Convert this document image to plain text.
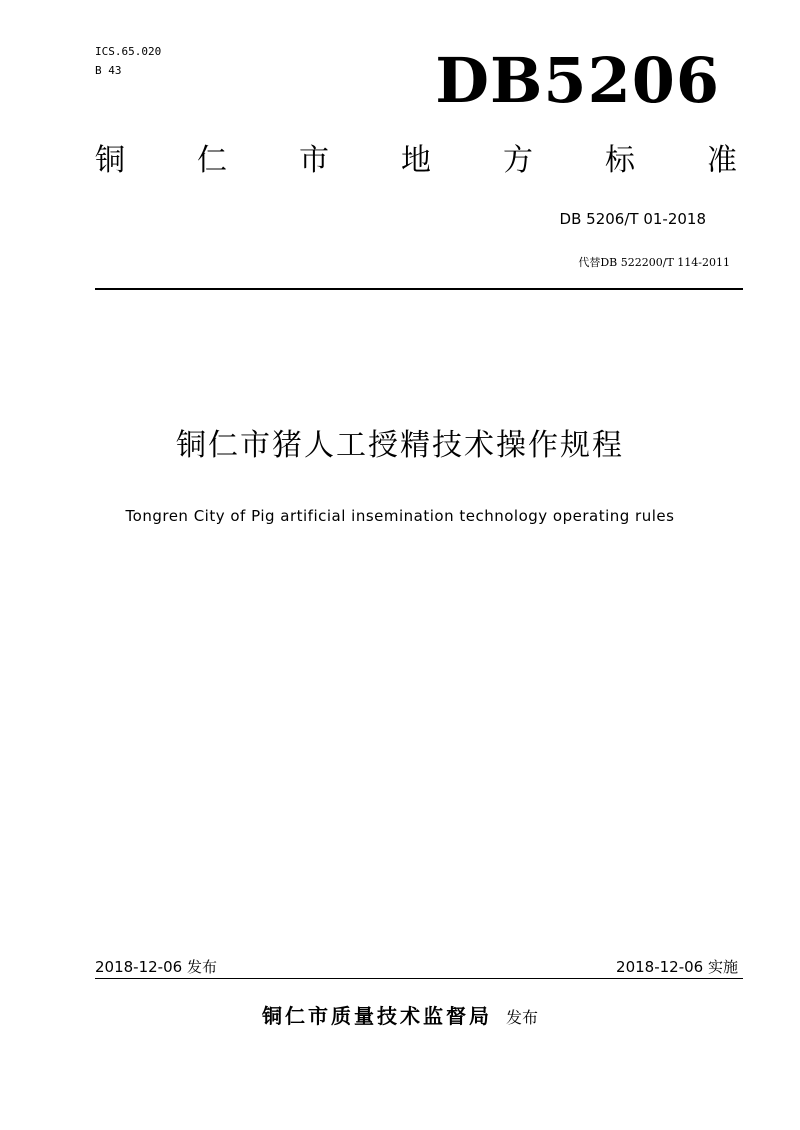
ICS.65.020
B 43	DB5206
铜 仁 市 地 方 标 准
DB 5206/T 01-2018
代替DB 522200/T 114-2011
铜仁市猪人工授精技术操作规程
Tongren City of Pig artificial insemination technology operating rules
2018-12-06 发布	2018-12-06 实施
铜仁市质量技术监督局 发布
